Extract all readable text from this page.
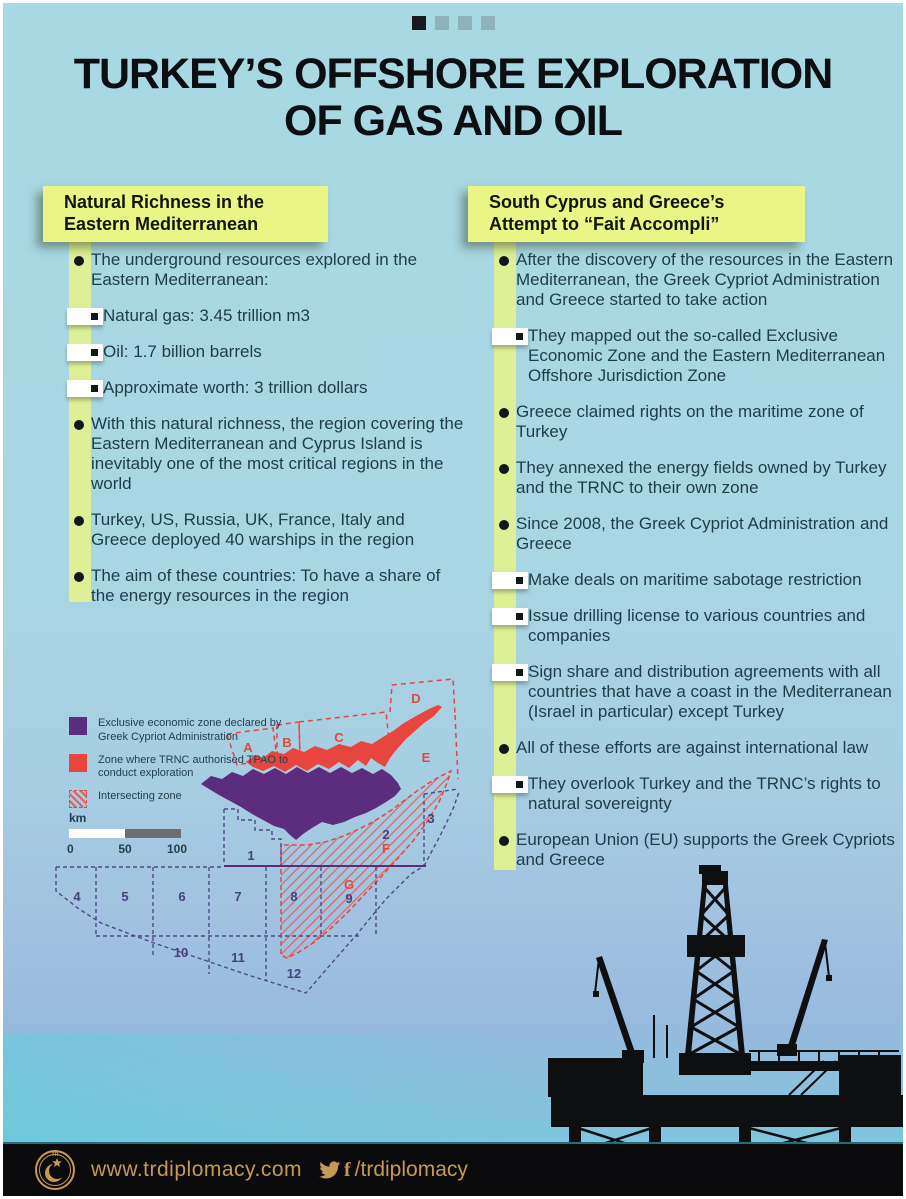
TURKEY’S OFFSHORE EXPLORATION
OF GAS AND OIL
Natural Richness in the Eastern Mediterranean
The underground resources explored in the Eastern Mediterranean:
Natural gas: 3.45 trillion m3
Oil: 1.7 billion barrels
Approximate worth: 3 trillion dollars
With this natural richness, the region covering the Eastern Mediterranean and Cyprus Island is inevitably one of the most critical regions in the world
Turkey, US, Russia, UK, France, Italy and Greece deployed 40 warships in the region
The aim of these countries: To have a share of the energy resources in the region
South Cyprus and Greece’s Attempt to “Fait Accompli”
After the discovery of the resources in the Eastern Mediterranean, the Greek Cypriot Administration and Greece started to take action
They mapped out the so-called Exclusive Economic Zone and the Eastern Mediterranean Offshore Jurisdiction Zone
Greece claimed rights on the maritime zone of Turkey
They annexed the energy fields owned by Turkey and the TRNC to their own zone
Since 2008, the Greek Cypriot Administration and Greece
Make deals on maritime sabotage restriction
Issue drilling license to various countries and companies
Sign share and distribution agreements with all countries that have a coast in the Mediterranean (Israel in particular) except Turkey
All of these efforts are against international law
They overlook Turkey and the TRNC’s rights to natural sovereignty
European Union (EU) supports the Greek Cypriots and Greece
A B	C
D
E
F
G
1
2
3
4	5	6	7	8	9
10	11
12
Exclusive economic zone declared by Greek Cypriot Administration
Zone where TRNC authorised TPAO to conduct exploration
Intersecting zone
km
0	50	100
TR
www.trdiplomacy.com f /trdiplomacy
